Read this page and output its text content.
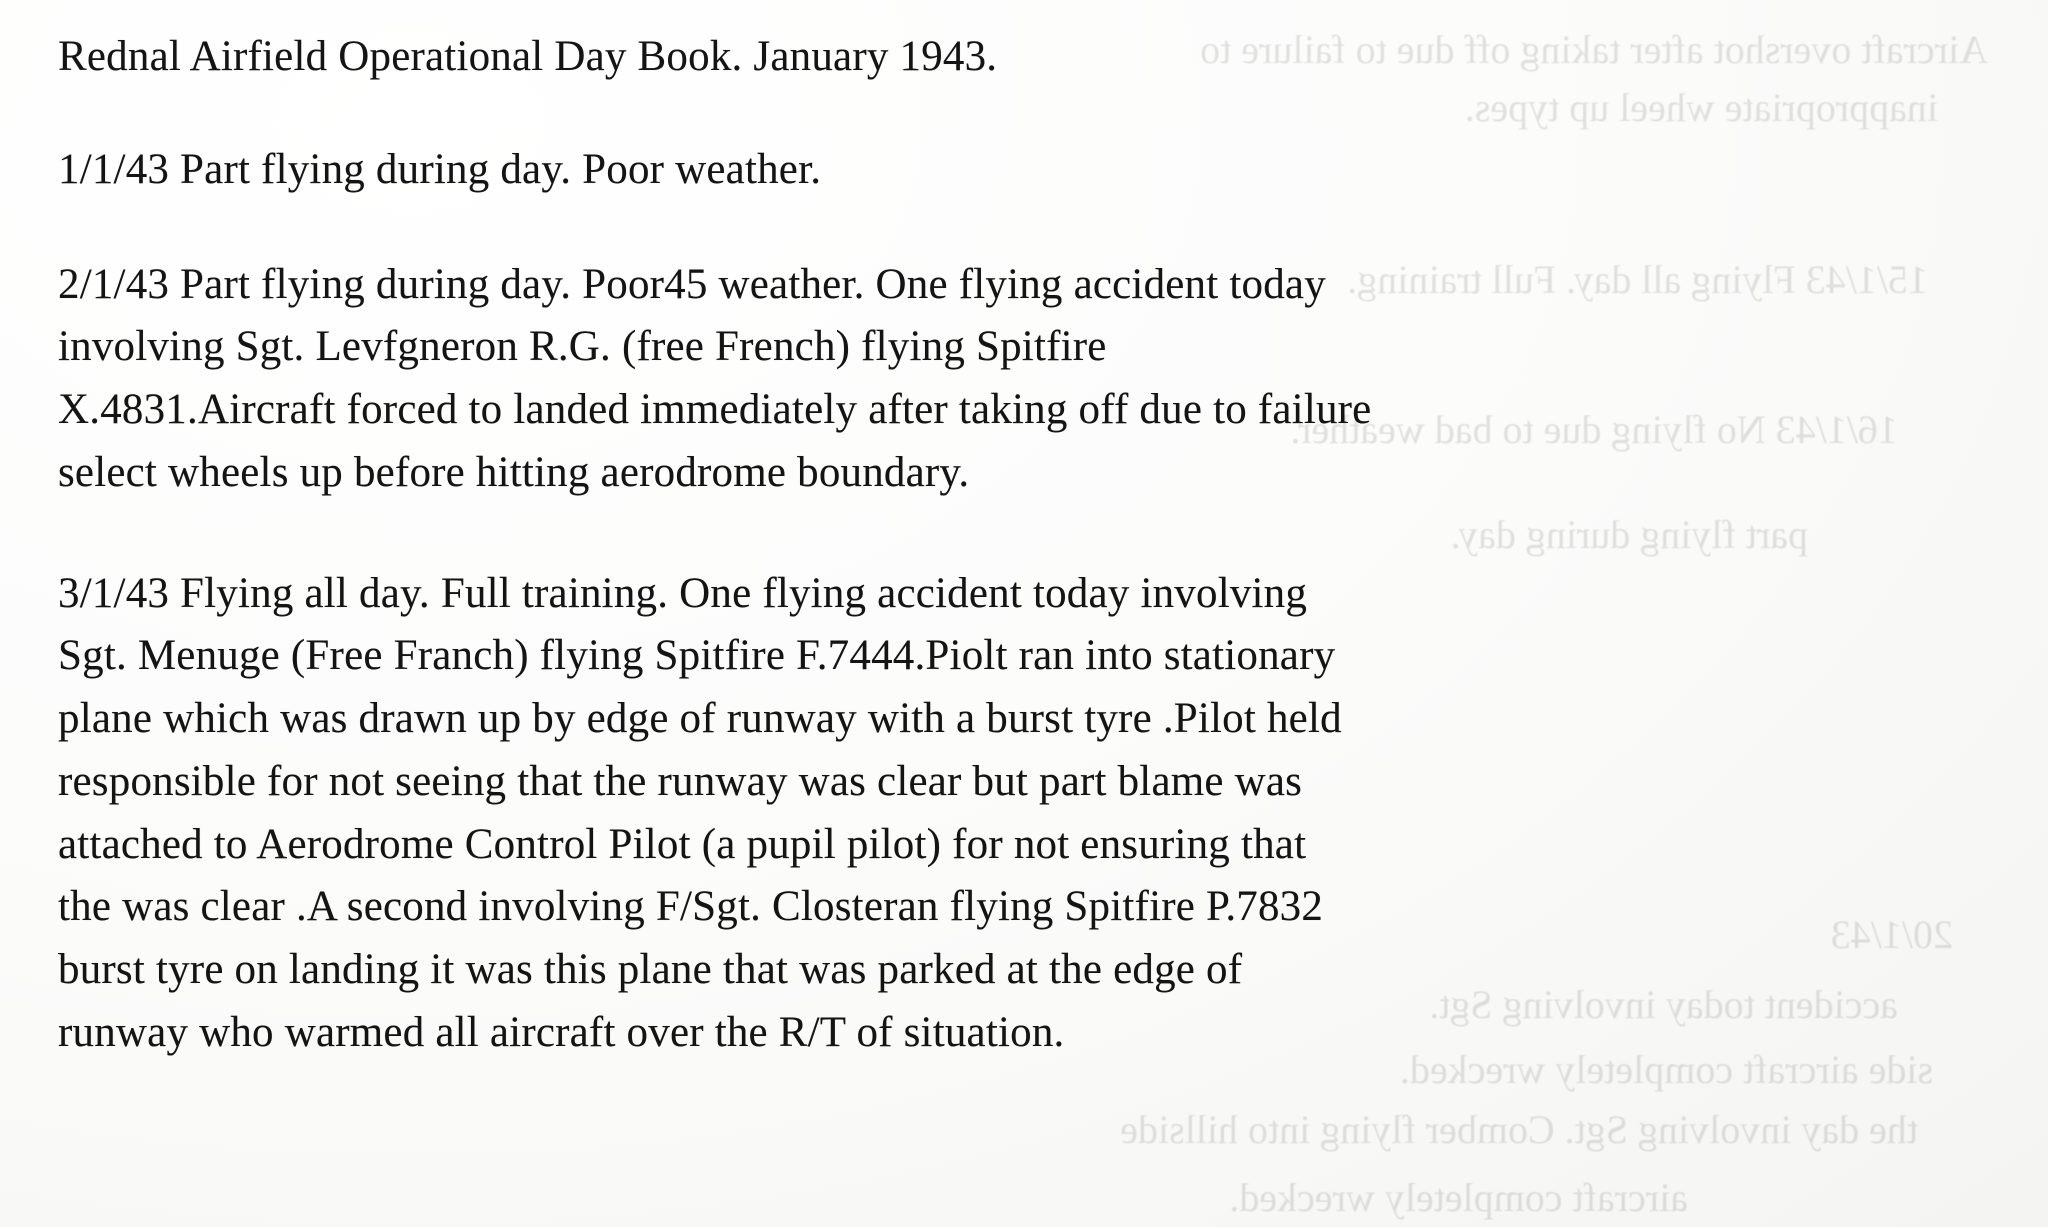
Aircraft overshot after taking off due to failure to
inappropriate wheel up types.
15/1/43 Flying all day. Full training.
16/1/43 No flying due to bad weather.
part flying during day.
20/1/43
accident today involving Sgt.
side aircraft completely wrecked.
the day involving Sgt. Comber flying into hillside
aircraft completely wrecked.

Rednal Airfield Operational Day Book. January 1943.

1/1/43 Part flying during day. Poor weather.

2/1/43 Part flying during day. Poor45 weather. One flying accident today
involving Sgt. Levfgneron R.G. (free French) flying Spitfire
X.4831.Aircraft forced to landed immediately after taking off due to failure
select wheels up before hitting aerodrome boundary.

3/1/43 Flying all day. Full training. One flying accident today involving
Sgt. Menuge (Free Franch) flying Spitfire F.7444.Piolt ran into stationary
plane which was drawn up by edge of runway with a burst tyre .Pilot held
responsible for not seeing that the runway was clear but part blame was
attached to Aerodrome Control Pilot (a pupil pilot) for not ensuring that
the was clear .A second involving F/Sgt. Closteran flying Spitfire P.7832
burst tyre on landing it was this plane that was parked at the edge of
runway who warmed all aircraft over the R/T of situation.
